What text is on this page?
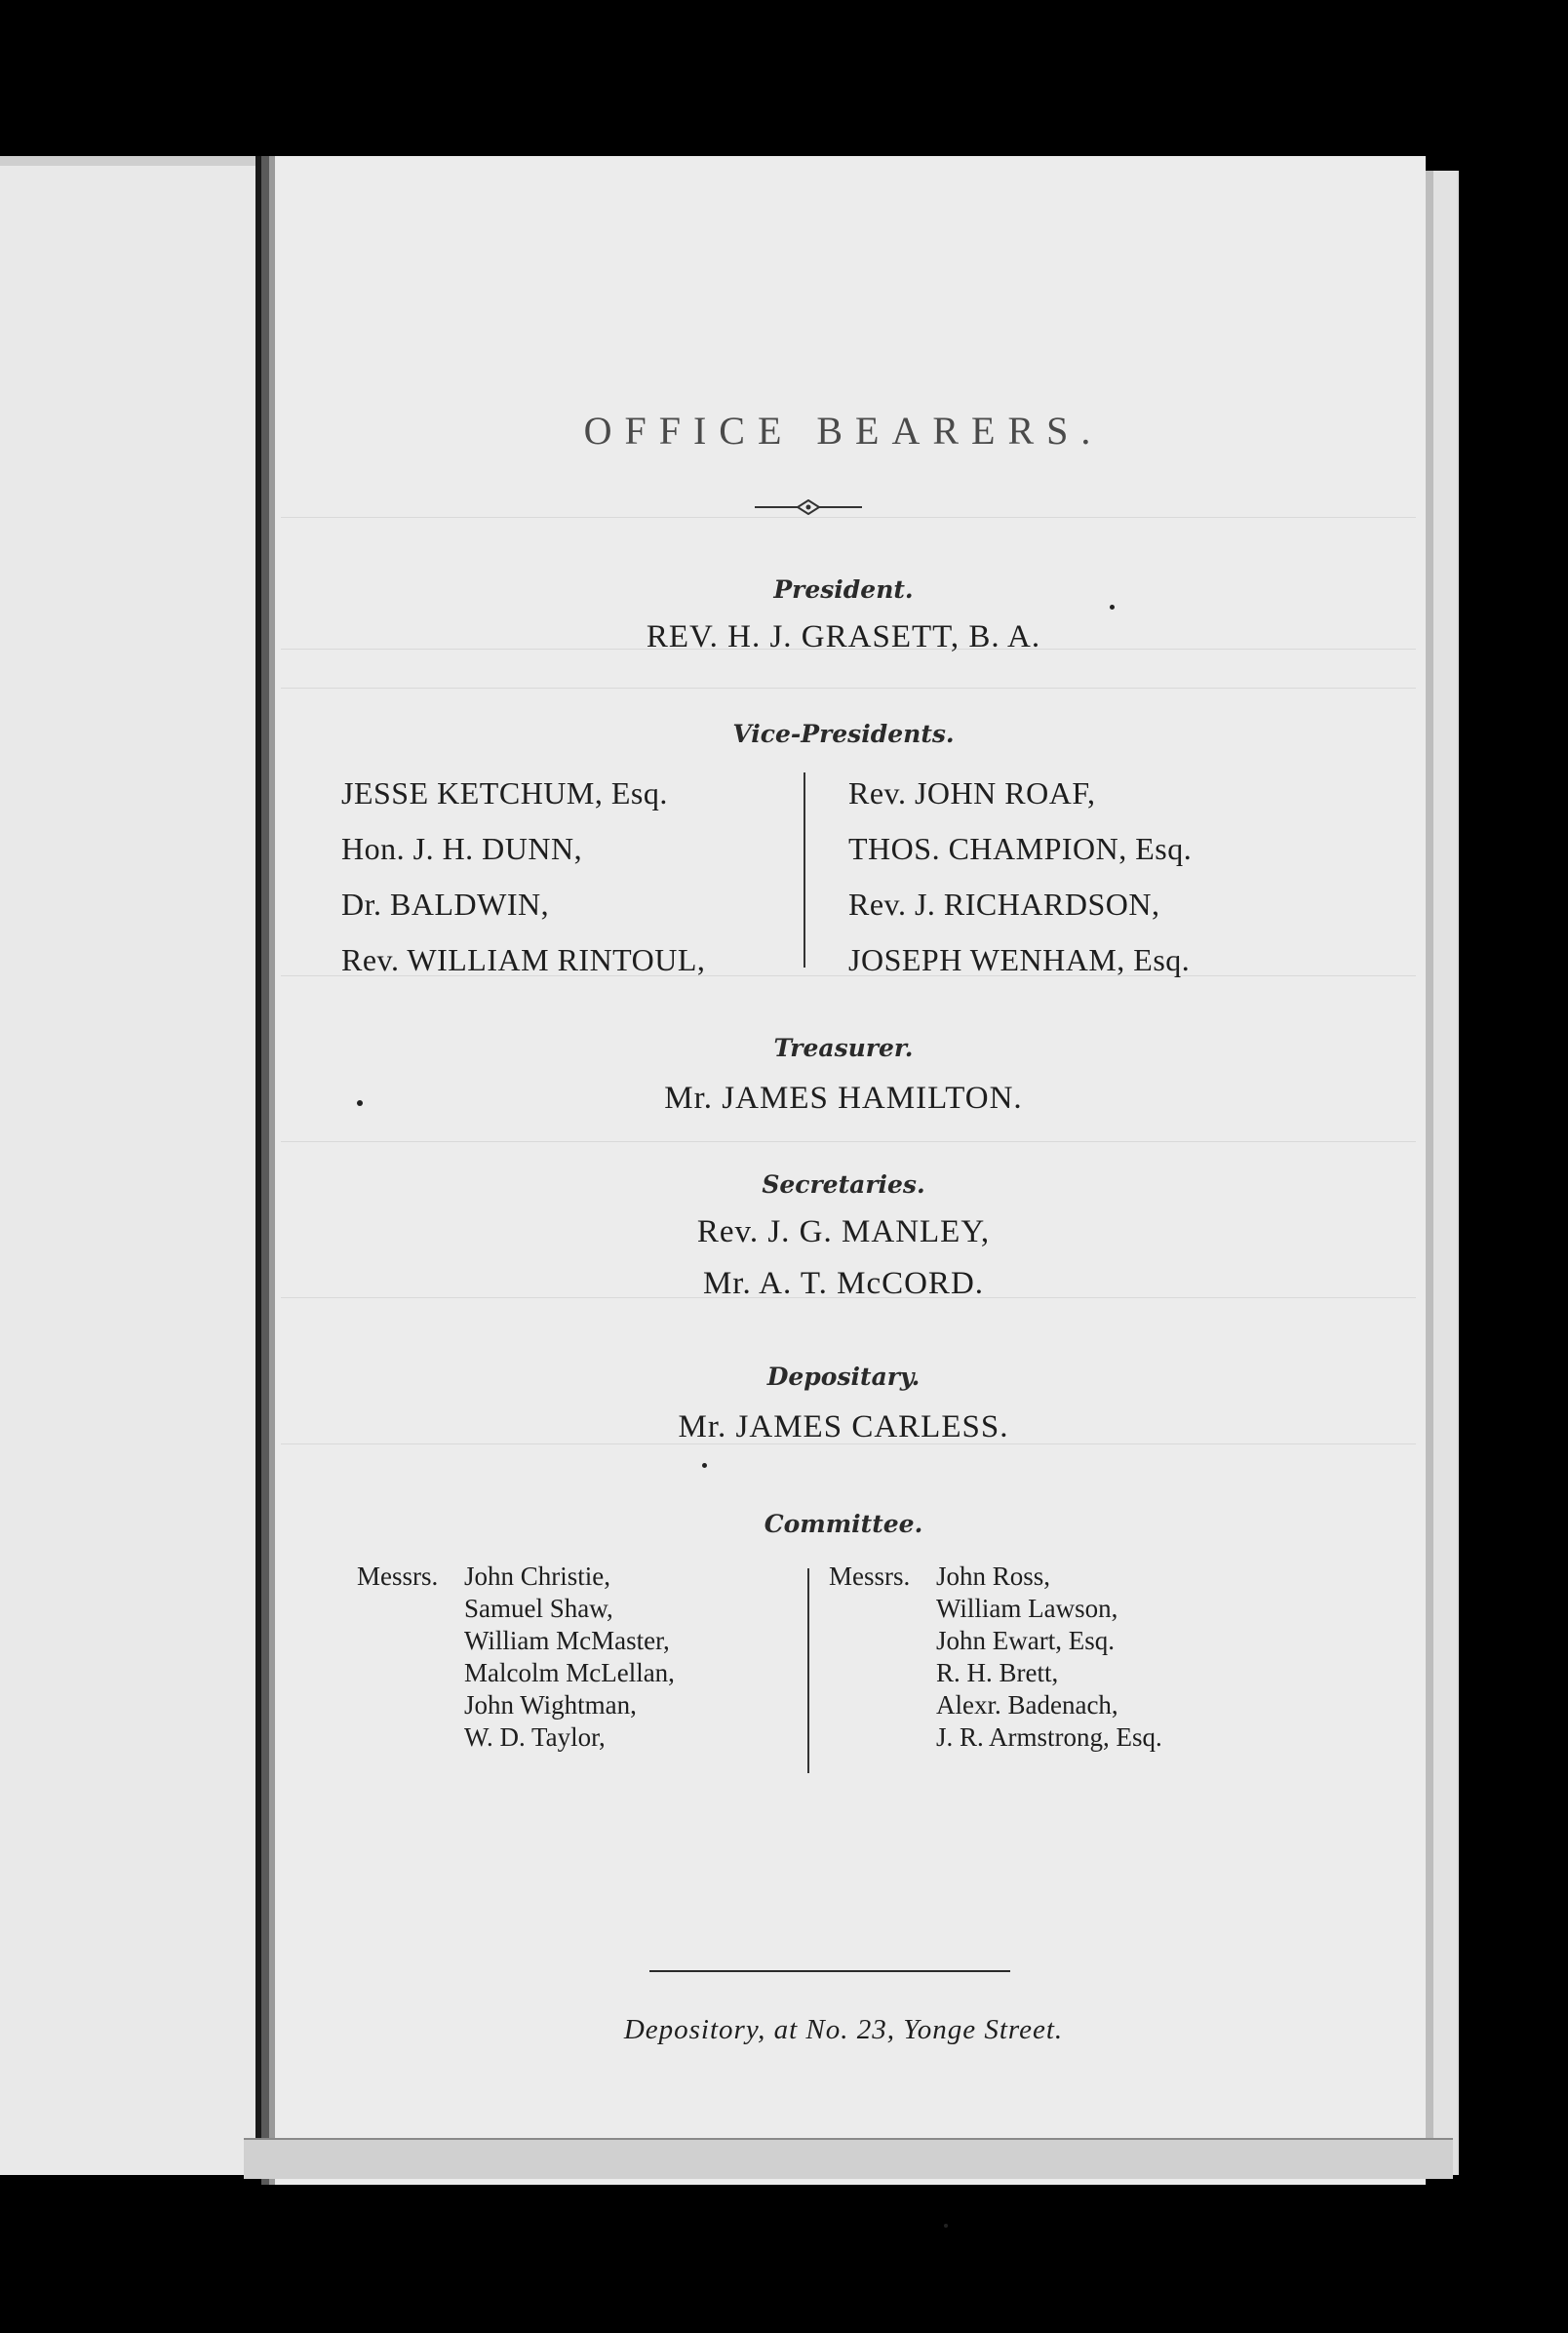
OFFICE BEARERS.
President.
REV. H. J. GRASETT, B. A.
Vice-Presidents.
JESSE KETCHUM, Esq.
Hon. J. H. DUNN,
Dr. BALDWIN,
Rev. WILLIAM RINTOUL,
Rev. JOHN ROAF,
THOS. CHAMPION, Esq.
Rev. J. RICHARDSON,
JOSEPH WENHAM, Esq.
Treasurer.
Mr. JAMES HAMILTON.
Secretaries.
Rev. J. G. MANLEY,
Mr. A. T. McCORD.
Depositary.
Mr. JAMES CARLESS.
Committee.
Messrs. John Christie,
Samuel Shaw,
William McMaster,
Malcolm McLellan,
John Wightman,
W. D. Taylor,
Messrs. John Ross,
William Lawson,
John Ewart, Esq.
R. H. Brett,
Alexr. Badenach,
J. R. Armstrong, Esq.
Depository, at No. 23, Yonge Street.
